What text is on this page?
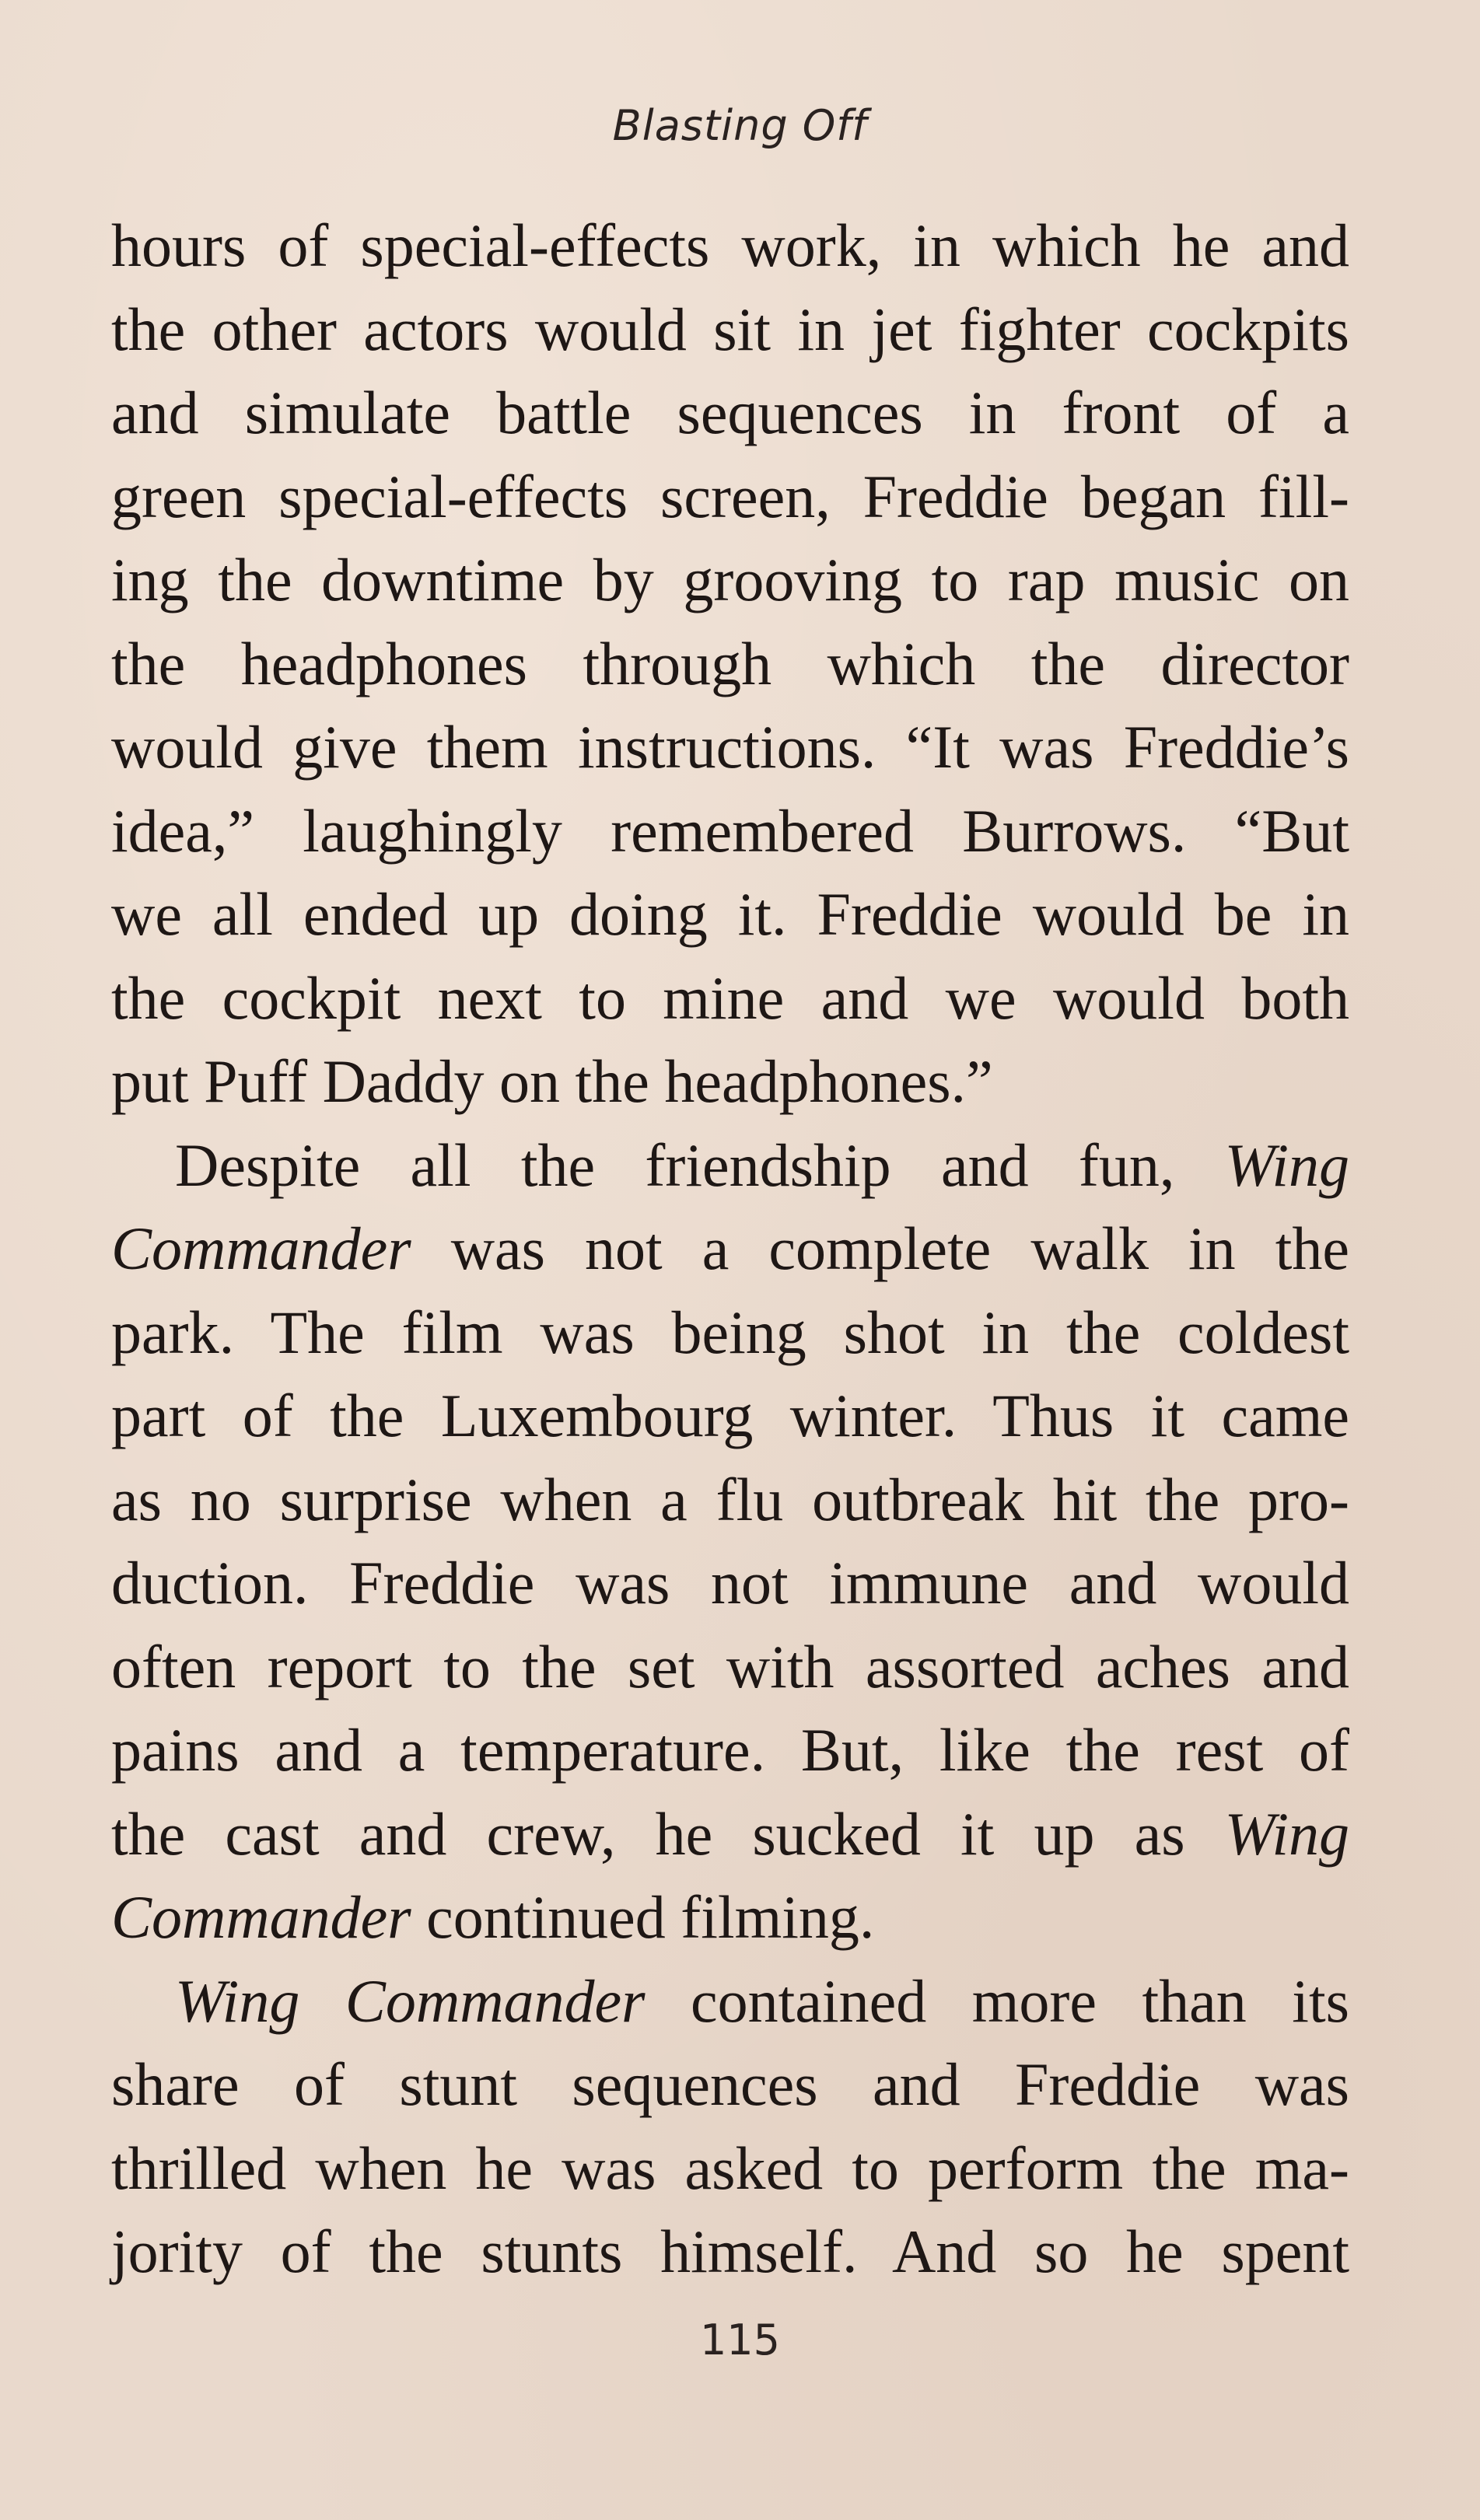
Blasting Off
hours of special-effects work, in which he and
the other actors would sit in jet fighter cockpits
and simulate battle sequences in front of a
green special-effects screen, Freddie began fill-
ing the downtime by grooving to rap music on
the headphones through which the director
would give them instructions. “It was Freddie’s
idea,” laughingly remembered Burrows. “But
we all ended up doing it. Freddie would be in
the cockpit next to mine and we would both
put Puff Daddy on the headphones.”
Despite all the friendship and fun, Wing
Commander was not a complete walk in the
park. The film was being shot in the coldest
part of the Luxembourg winter. Thus it came
as no surprise when a flu outbreak hit the pro-
duction. Freddie was not immune and would
often report to the set with assorted aches and
pains and a temperature. But, like the rest of
the cast and crew, he sucked it up as Wing
Commander continued filming.
Wing Commander contained more than its
share of stunt sequences and Freddie was
thrilled when he was asked to perform the ma-
jority of the stunts himself. And so he spent
115
